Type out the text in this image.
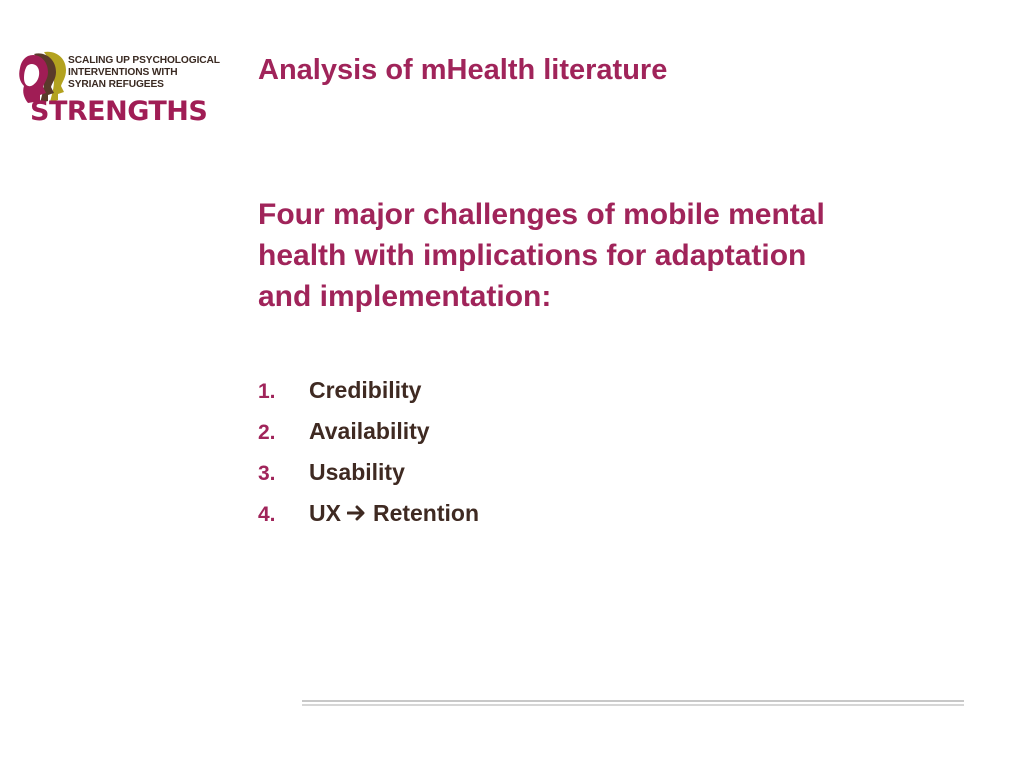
SCALING UP PSYCHOLOGICAL
INTERVENTIONS WITH
SYRIAN REFUGEES
STRENGTHS
Analysis of mHealth literature
Four major challenges of mobile mental
health with implications for adaptation
and implementation:
1.	Credibility
2.	Availability
3.	Usability
4.	UX Retention
